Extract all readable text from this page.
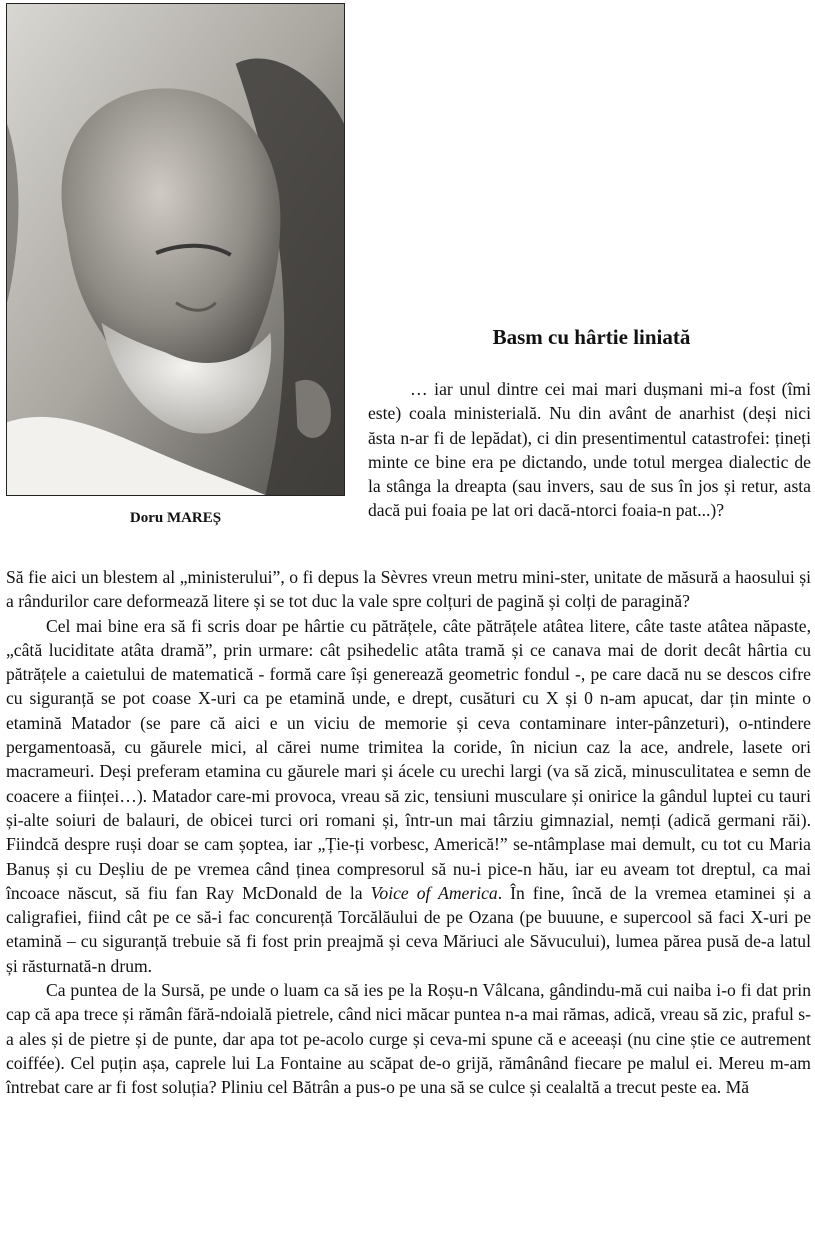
Doru MAREȘ
Basm cu hârtie liniată

… iar unul dintre cei mai mari dușmani mi-a fost (îmi este) coala ministerială. Nu din avânt de anarhist (deși nici ăsta n-ar fi de lepădat), ci din presentimentul catastrofei: țineți minte ce bine era pe dictando, unde totul mergea dialectic de la stânga la dreapta (sau invers, sau de sus în jos și retur, asta dacă pui foaia pe lat ori dacă-ntorci foaia-n pat...)?

Să fie aici un blestem al „ministerului”, o fi depus la Sèvres vreun metru mini-ster, unitate de măsură a haosului și a rândurilor care deformează litere și se tot duc la vale spre colțuri de pagină și colți de paragină?

Cel mai bine era să fi scris doar pe hârtie cu pătrățele, câte pătrățele atâtea litere, câte taste atâtea năpaste, „câtă luciditate atâta dramă”, prin urmare: cât psihedelic atâta tramă și ce canava mai de dorit decât hârtia cu pătrățele a caietului de matematică - formă care își generează geometric fondul -, pe care dacă nu se descos cifre cu siguranță se pot coase X-uri ca pe etamină unde, e drept, cusături cu X și 0 n-am apucat, dar țin minte o etamină Matador (se pare că aici e un viciu de memorie și ceva contaminare inter-pânzeturi), o-ntindere pergamentoasă, cu găurele mici, al cărei nume trimitea la coride, în niciun caz la ace, andrele, lasete ori macrameuri. Deși preferam etamina cu găurele mari și ácele cu urechi largi (va să zică, minusculitatea e semn de coacere a ființei…). Matador care-mi provoca, vreau să zic, tensiuni musculare și onirice la gândul luptei cu tauri și-alte soiuri de balauri, de obicei turci ori romani și, într-un mai târziu gimnazial, nemți (adică germani răi). Fiindcă despre ruși doar se cam șoptea, iar „Ție-ți vorbesc, Americă!” se-ntâmplase mai demult, cu tot cu Maria Banuș și cu Deșliu de pe vremea când ținea compresorul să nu-i pice-n hău, iar eu aveam tot dreptul, ca mai încoace născut, să fiu fan Ray McDonald de la Voice of America. În fine, încă de la vremea etaminei și a caligrafiei, fiind cât pe ce să-i fac concurență Torcălăului de pe Ozana (pe buuune, e supercool să faci X-uri pe etamină – cu siguranță trebuie să fi fost prin preajmă și ceva Măriuci ale Săvucului), lumea părea pusă de-a latul și răsturnată-n drum.

Ca puntea de la Sursă, pe unde o luam ca să ies pe la Roșu-n Vâlcana, gândindu-mă cui naiba i-o fi dat prin cap că apa trece și rămân fără-ndoială pietrele, când nici măcar puntea n-a mai rămas, adică, vreau să zic, praful s-a ales și de pietre și de punte, dar apa tot pe-acolo curge și ceva-mi spune că e aceeași (nu cine știe ce autrement coiffée). Cel puțin așa, caprele lui La Fontaine au scăpat de-o grijă, rămânând fiecare pe malul ei. Mereu m-am întrebat care ar fi fost soluția? Pliniu cel Bătrân a pus-o pe una să se culce și cealaltă a trecut peste ea. Mă
